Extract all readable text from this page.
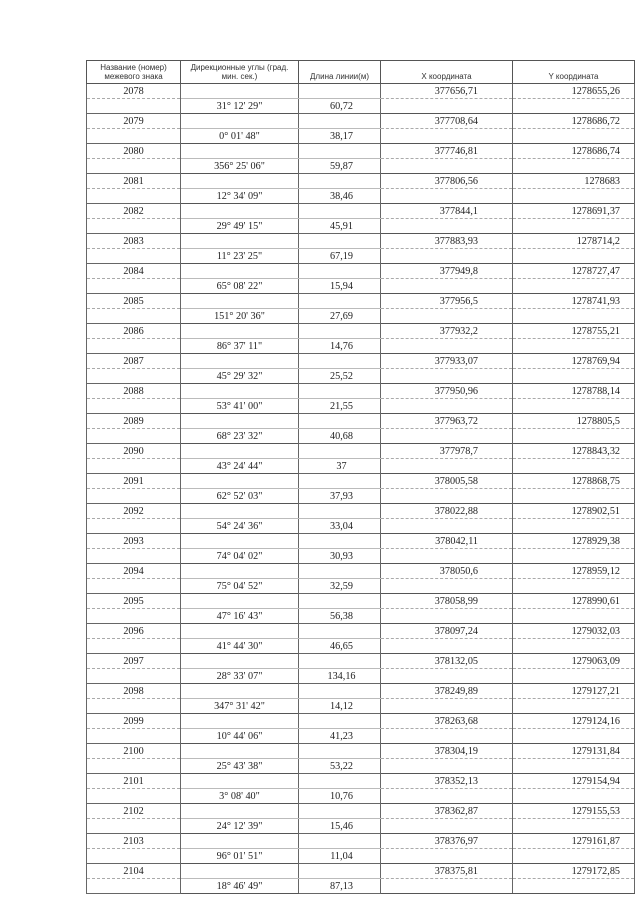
Название (номер) межевого знака	Дирекционные углы (град. мин. сек.)	Длина линии(м)	X координата	Y координата
2078			377656,71	1278655,26
	31° 12' 29"	60,72		
2079			377708,64	1278686,72
	0° 01' 48"	38,17		
2080			377746,81	1278686,74
	356° 25' 06"	59,87		
2081			377806,56	1278683
	12° 34' 09"	38,46		
2082			377844,1	1278691,37
	29° 49' 15"	45,91		
2083			377883,93	1278714,2
	11° 23' 25"	67,19		
2084			377949,8	1278727,47
	65° 08' 22"	15,94		
2085			377956,5	1278741,93
	151° 20' 36"	27,69		
2086			377932,2	1278755,21
	86° 37' 11"	14,76		
2087			377933,07	1278769,94
	45° 29' 32"	25,52		
2088			377950,96	1278788,14
	53° 41' 00"	21,55		
2089			377963,72	1278805,5
	68° 23' 32"	40,68		
2090			377978,7	1278843,32
	43° 24' 44"	37		
2091			378005,58	1278868,75
	62° 52' 03"	37,93		
2092			378022,88	1278902,51
	54° 24' 36"	33,04		
2093			378042,11	1278929,38
	74° 04' 02"	30,93		
2094			378050,6	1278959,12
	75° 04' 52"	32,59		
2095			378058,99	1278990,61
	47° 16' 43"	56,38		
2096			378097,24	1279032,03
	41° 44' 30"	46,65		
2097			378132,05	1279063,09
	28° 33' 07"	134,16		
2098			378249,89	1279127,21
	347° 31' 42"	14,12		
2099			378263,68	1279124,16
	10° 44' 06"	41,23		
2100			378304,19	1279131,84
	25° 43' 38"	53,22		
2101			378352,13	1279154,94
	3° 08' 40"	10,76		
2102			378362,87	1279155,53
	24° 12' 39"	15,46		
2103			378376,97	1279161,87
	96° 01' 51"	11,04		
2104			378375,81	1279172,85
	18° 46' 49"	87,13		
